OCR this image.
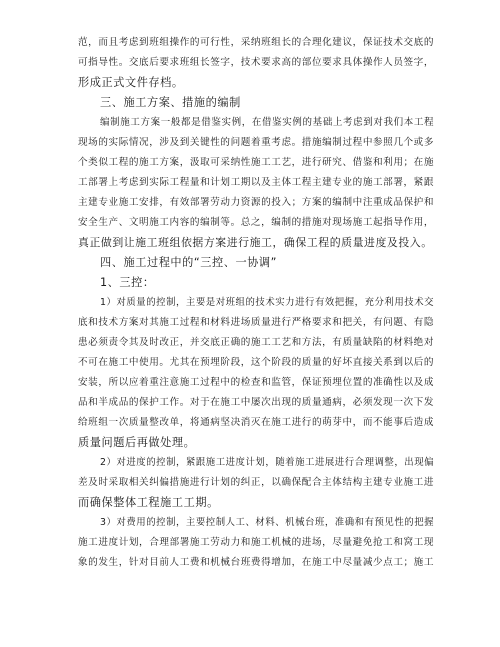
范，而且考虑到班组操作的可行性，采纳班组长的合理化建议，保证技术交底的
可指导性。交底后要求班组长签字，技术要求高的部位要求具体操作人员签字，
形成正式文件存档。
三、施工方案、措施的编制
编制施工方案一般都是借鉴实例，在借鉴实例的基础上考虑到对我们本工程
现场的实际情况，涉及到关键性的问题着重考虑。措施编制过程中参照几个或多
个类似工程的施工方案，汲取可采纳性施工工艺，进行研究、借鉴和利用；在施
工部署上考虑到实际工程量和计划工期以及主体工程主建专业的施工部署，紧跟
主建专业施工安排，有效部署劳动力资源的投入；方案的编制中注重成品保护和
安全生产、文明施工内容的编制等。总之，编制的措施对现场施工起指导作用，
真正做到让施工班组依据方案进行施工，确保工程的质量进度及投入。
四、施工过程中的“三控、一协调”
1、三控：
1）对质量的控制，主要是对班组的技术实力进行有效把握，充分利用技术交
底和技术方案对其施工过程和材料进场质量进行严格要求和把关，有问题、有隐
患必须责令其及时改正，并交底正确的施工工艺和方法，有质量缺陷的材料绝对
不可在施工中使用。尤其在预埋阶段，这个阶段的质量的好坏直接关系到以后的
安装，所以应着重注意施工过程中的检查和监管，保证预埋位置的准确性以及成
品和半成品的保护工作。对于在施工中屡次出现的质量通病，必须发现一次下发
给班组一次质量整改单，将通病坚决消灭在施工进行的萌芽中，而不能事后造成
质量问题后再做处理。
2）对进度的控制，紧跟施工进度计划，随着施工进展进行合理调整，出现偏
差及时采取相关纠偏措施进行计划的纠正，以确保配合主体结构主建专业施工进
而确保整体工程施工工期。
3）对费用的控制，主要控制人工、材料、机械台班，准确和有预见性的把握
施工进度计划，合理部署施工劳动力和施工机械的进场，尽量避免抢工和窝工现
象的发生，针对目前人工费和机械台班费得增加，在施工中尽量减少点工；施工
